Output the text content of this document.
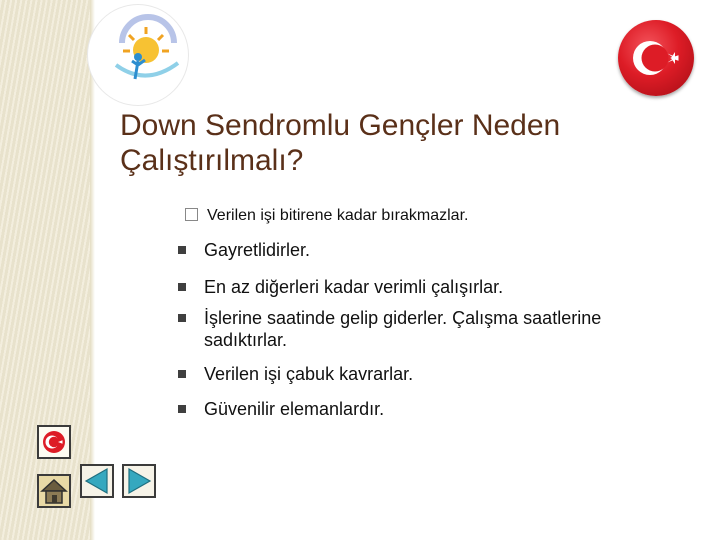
Down Sendromlu Gençler Neden
Çalıştırılmalı?
Verilen işi bitirene kadar bırakmazlar.
Gayretlidirler.
En az diğerleri kadar verimli çalışırlar.
İşlerine saatinde gelip giderler. Çalışma saatlerine
sadıktırlar.
Verilen işi çabuk kavrarlar.
Güvenilir elemanlardır.
